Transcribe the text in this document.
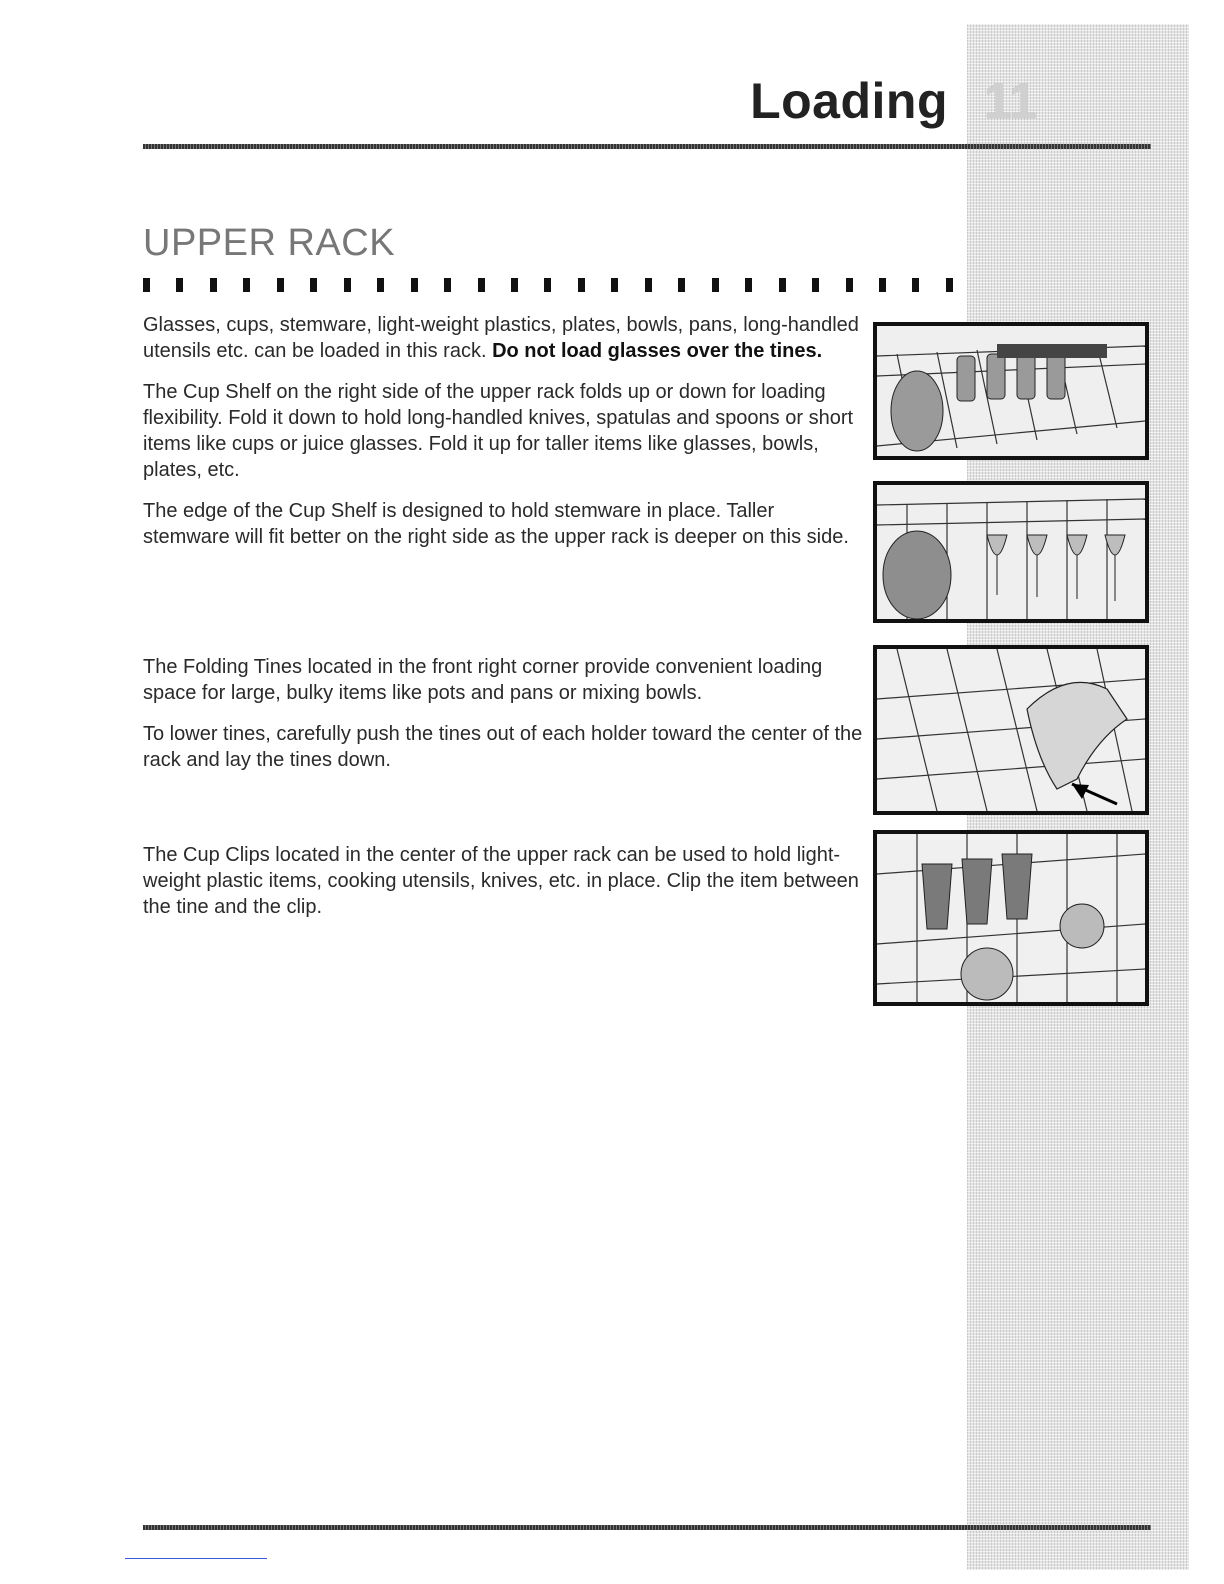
Loading 11
UPPER RACK

Glasses, cups, stemware, light-weight plastics, plates, bowls, pans, long-handled utensils etc. can be loaded in this rack. Do not load glasses over the tines.

The Cup Shelf on the right side of the upper rack folds up or down for loading flexibility. Fold it down to hold long-handled knives, spatulas and spoons or short items like cups or juice glasses. Fold it up for taller items like glasses, bowls, plates, etc.

The edge of the Cup Shelf is designed to hold stemware in place. Taller stemware will fit better on the right side as the upper rack is deeper on this side.

The Folding Tines located in the front right corner provide convenient loading space for large, bulky items like pots and pans or mixing bowls.

To lower tines, carefully push the tines out of each holder toward the center of the rack and lay the tines down.

The Cup Clips located in the center of the upper rack can be used to hold light-weight plastic items, cooking utensils, knives, etc. in place. Clip the item between the tine and the clip.
